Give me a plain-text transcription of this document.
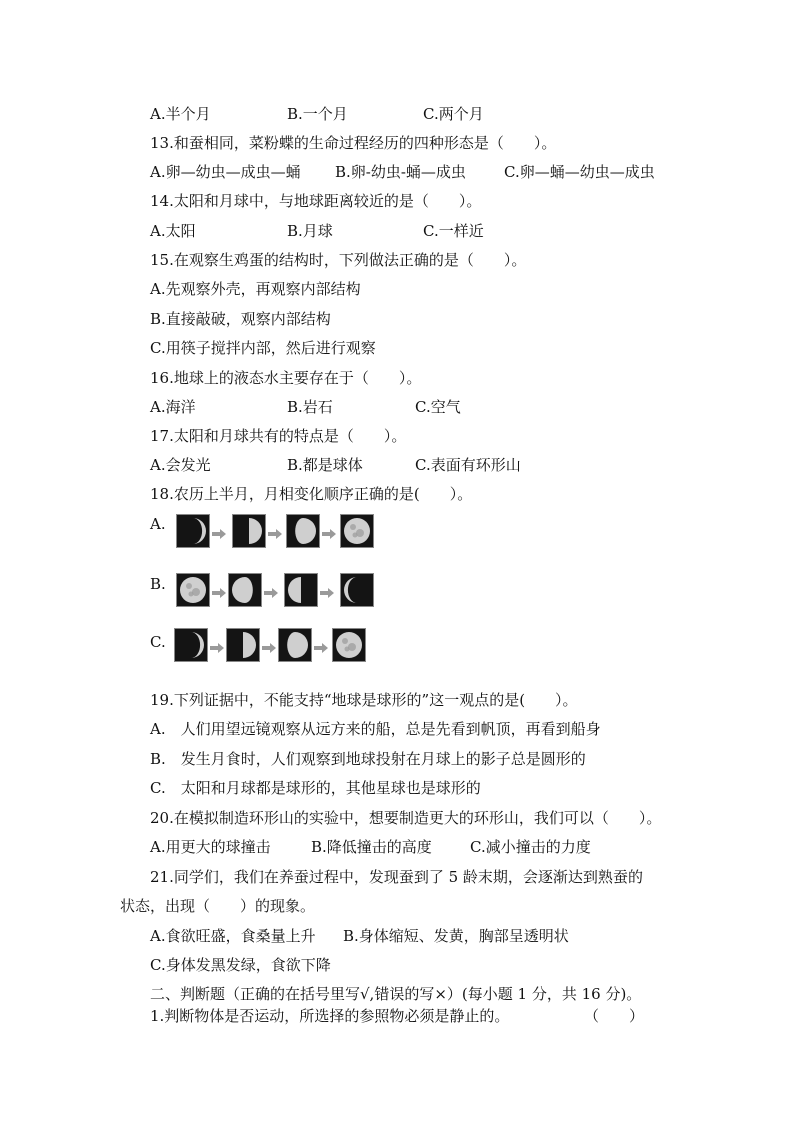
A.半个月	B.一个月	C.两个月
13.和蚕相同，菜粉蝶的生命过程经历的四种形态是（　　）。
A.卵—幼虫—成虫—蛹 B.卵-幼虫-蛹—成虫	C.卵—蛹—幼虫—成虫
14.太阳和月球中，与地球距离较近的是（　　）。
A.太阳	B.月球	C.一样近
15.在观察生鸡蛋的结构时，下列做法正确的是（　　）。
A.先观察外壳，再观察内部结构
B.直接敲破，观察内部结构
C.用筷子搅拌内部，然后进行观察
16.地球上的液态水主要存在于（　　）。
A.海洋	B.岩石	C.空气
17.太阳和月球共有的特点是（　　）。
A.会发光	B.都是球体	C.表面有环形山
18.农历上半月，月相变化顺序正确的是(　　）。
A.
B.
C.
19.下列证据中，不能支持“地球是球形的”这一观点的是(　　）。
A.　人们用望远镜观察从远方来的船，总是先看到帆顶，再看到船身
B.　发生月食时，人们观察到地球投射在月球上的影子总是圆形的
C.　太阳和月球都是球形的，其他星球也是球形的
20.在模拟制造环形山的实验中，想要制造更大的环形山，我们可以（　　）。
A.用更大的球撞击	B.降低撞击的高度	C.减小撞击的力度
21.同学们，我们在养蚕过程中，发现蚕到了 5 龄末期，会逐渐达到熟蚕的
状态，出现（　　）的现象。
A.食欲旺盛，食桑量上升 B.身体缩短、发黄，胸部呈透明状
C.身体发黑发绿，食欲下降
二、判断题（正确的在括号里写√,错误的写×）(每小题 1 分，共 16 分)。
1.判断物体是否运动，所选择的参照物必须是静止的。	（　　）
